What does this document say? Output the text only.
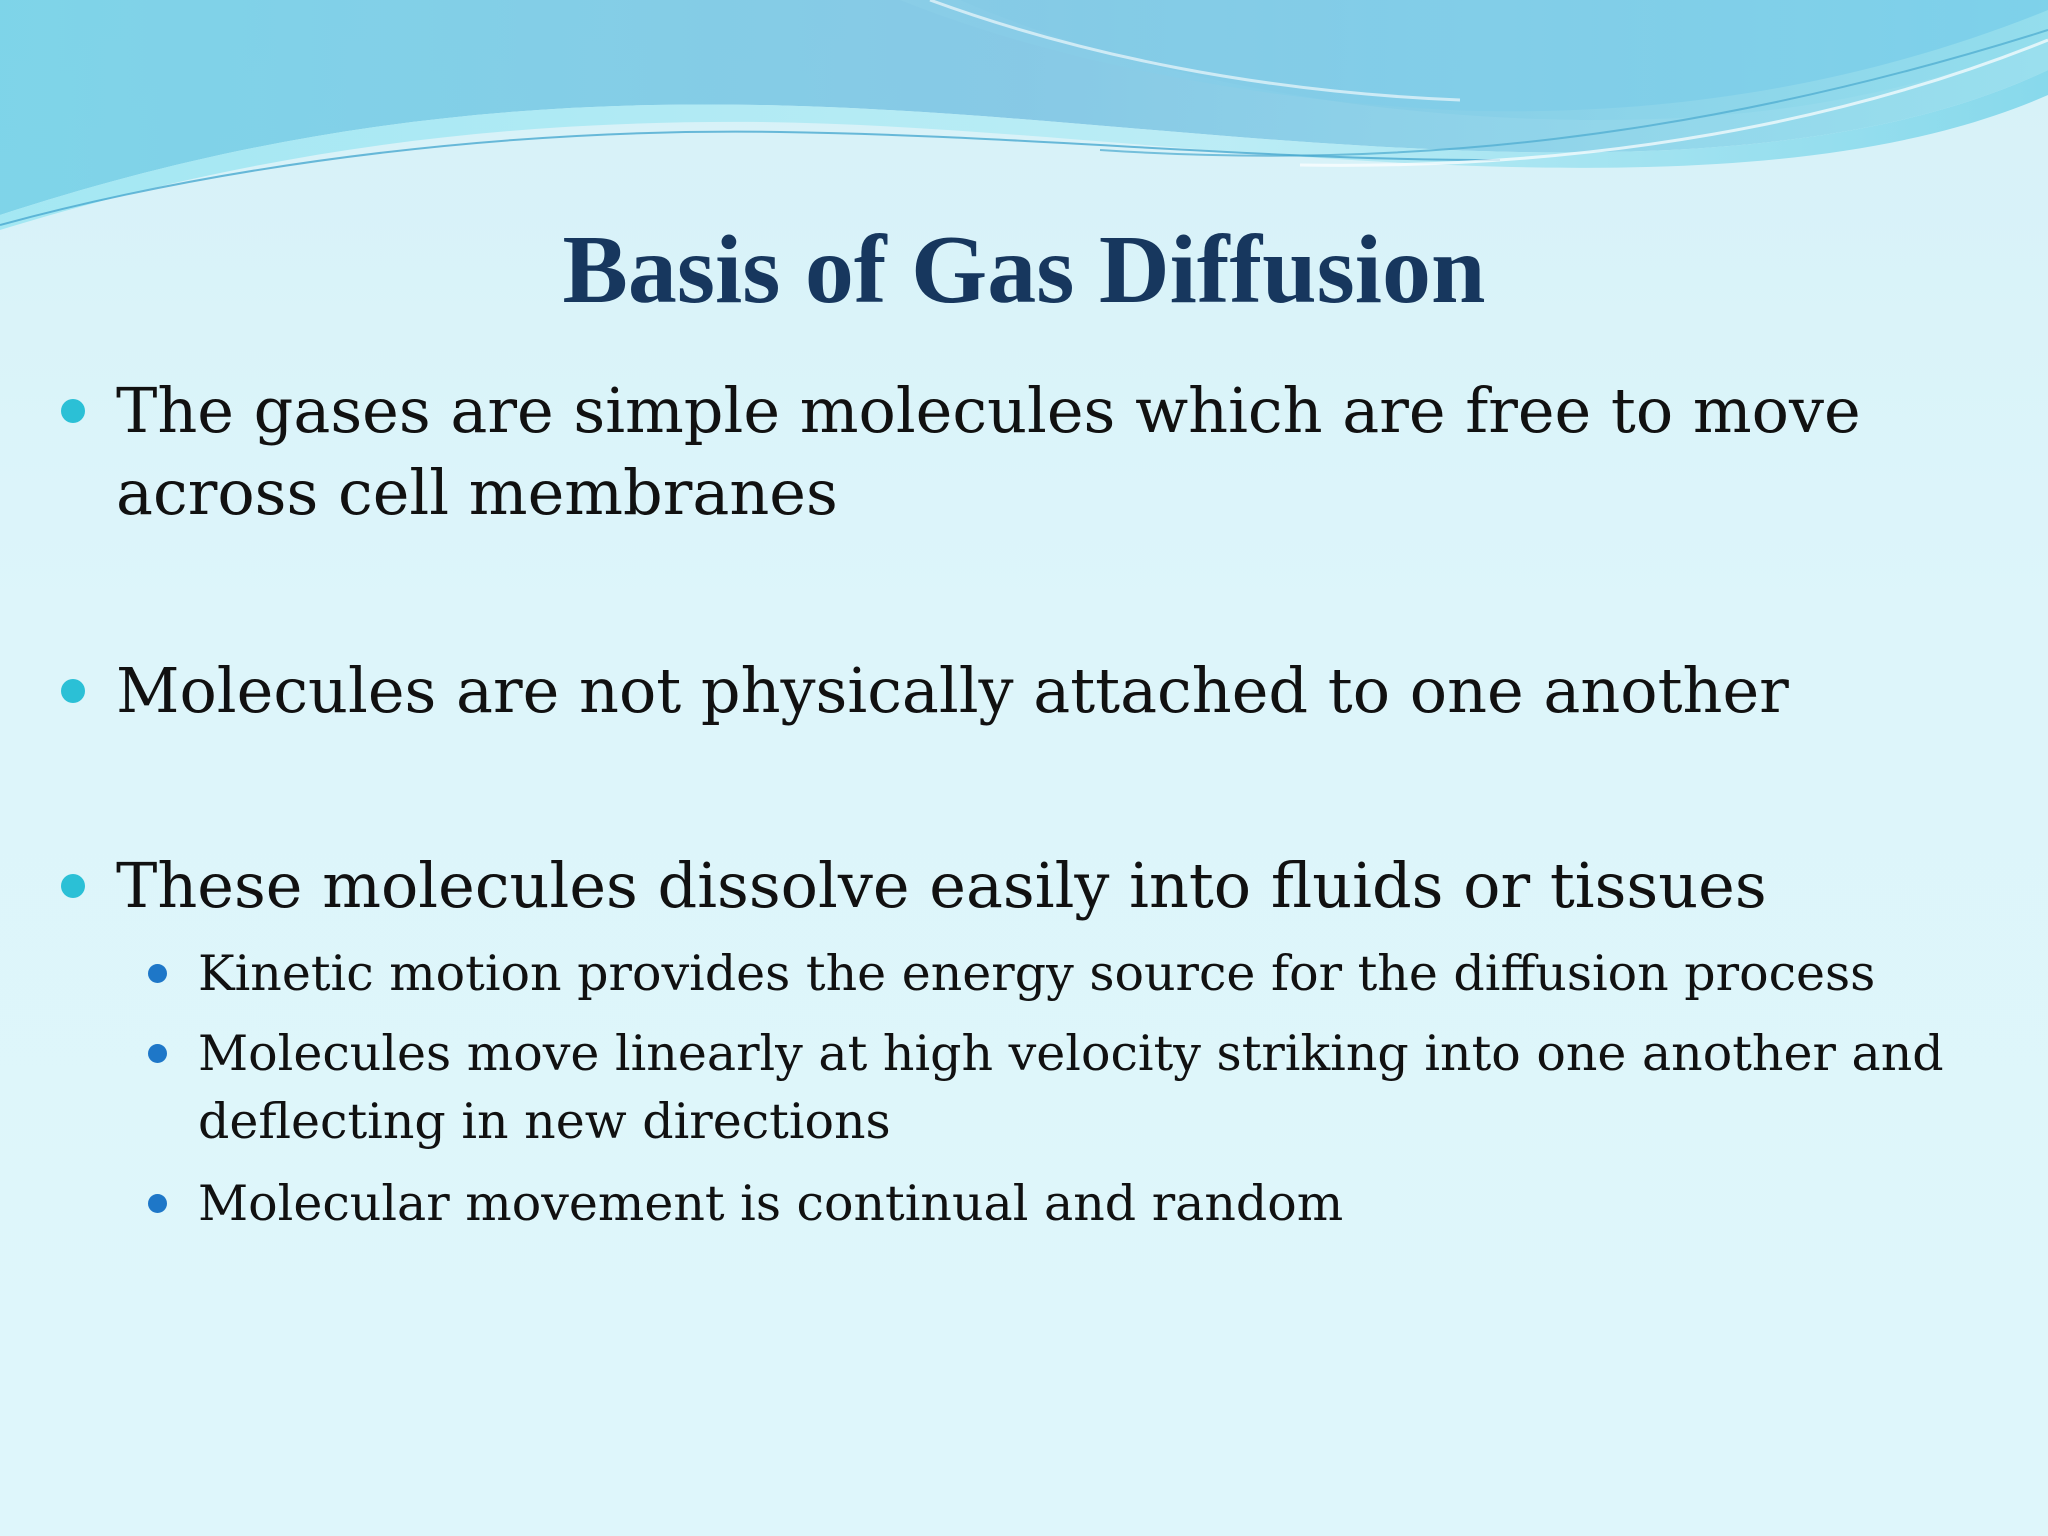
Basis of Gas Diffusion
The gases are simple molecules which are free to move across cell membranes
Molecules are not physically attached to one another
These molecules dissolve easily into fluids or tissues
Kinetic motion provides the energy source for the diffusion process
Molecules move linearly at high velocity striking into one another and deflecting in new directions
Molecular movement is continual and random
